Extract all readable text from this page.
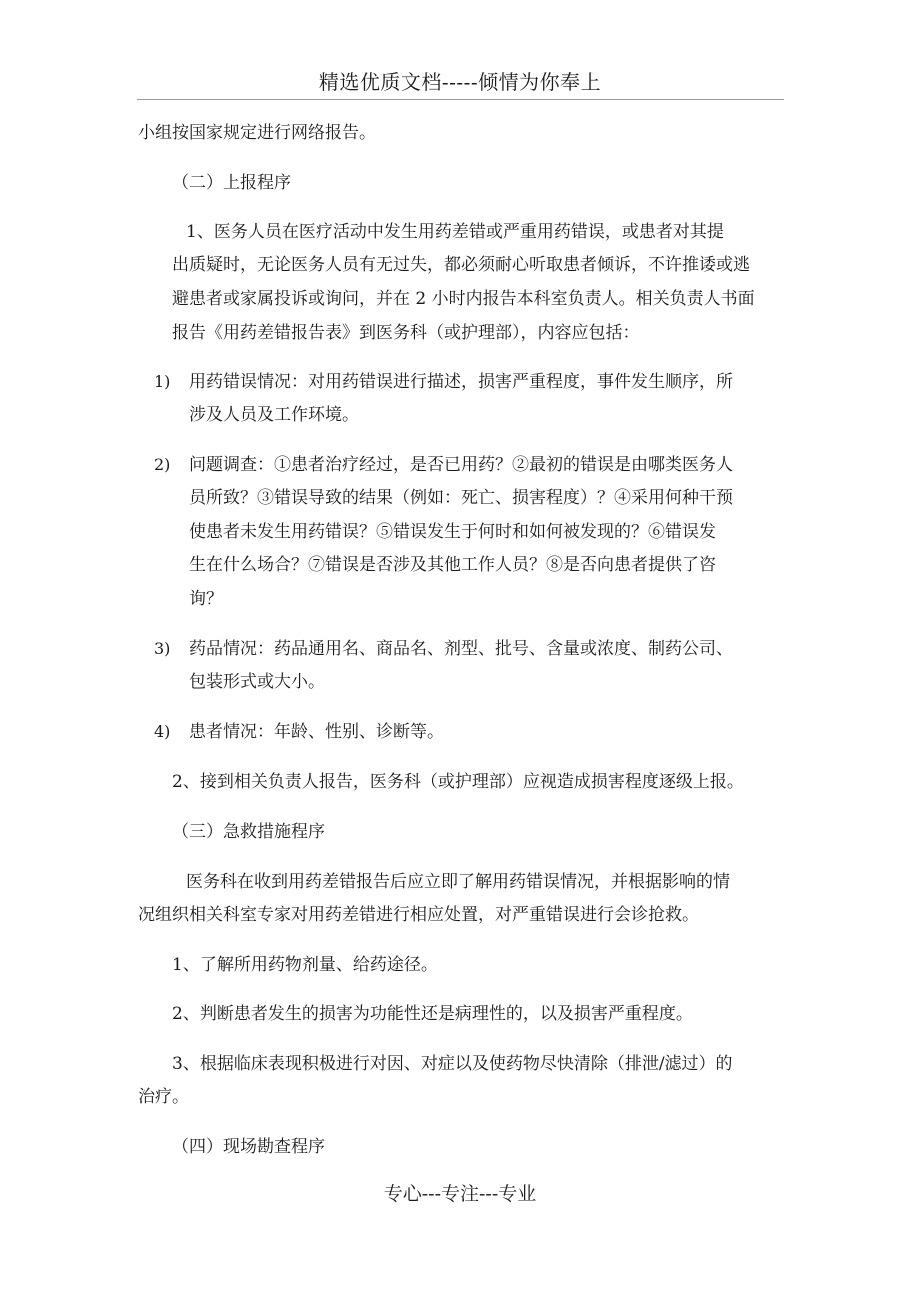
精选优质文档-----倾情为你奉上
小组按国家规定进行网络报告。
（二）上报程序
1、医务人员在医疗活动中发生用药差错或严重用药错误，或患者对其提
出质疑时，无论医务人员有无过失，都必须耐心听取患者倾诉，不许推诿或逃
避患者或家属投诉或询问，并在 2 小时内报告本科室负责人。相关负责人书面
报告《用药差错报告表》到医务科（或护理部），内容应包括：
1) 用药错误情况：对用药错误进行描述，损害严重程度，事件发生顺序，所
涉及人员及工作环境。
2) 问题调查：①患者治疗经过，是否已用药？②最初的错误是由哪类医务人
员所致？③错误导致的结果（例如：死亡、损害程度）？④采用何种干预
使患者未发生用药错误？⑤错误发生于何时和如何被发现的？⑥错误发
生在什么场合？⑦错误是否涉及其他工作人员？⑧是否向患者提供了咨
询？
3) 药品情况：药品通用名、商品名、剂型、批号、含量或浓度、制药公司、
包装形式或大小。
4) 患者情况：年龄、性别、诊断等。
2、接到相关负责人报告，医务科（或护理部）应视造成损害程度逐级上报。
（三）急救措施程序
医务科在收到用药差错报告后应立即了解用药错误情况，并根据影响的情
况组织相关科室专家对用药差错进行相应处置，对严重错误进行会诊抢救。
1、了解所用药物剂量、给药途径。
2、判断患者发生的损害为功能性还是病理性的，以及损害严重程度。
3、根据临床表现积极进行对因、对症以及使药物尽快清除（排泄/滤过）的
治疗。
（四）现场勘查程序
专心---专注---专业
